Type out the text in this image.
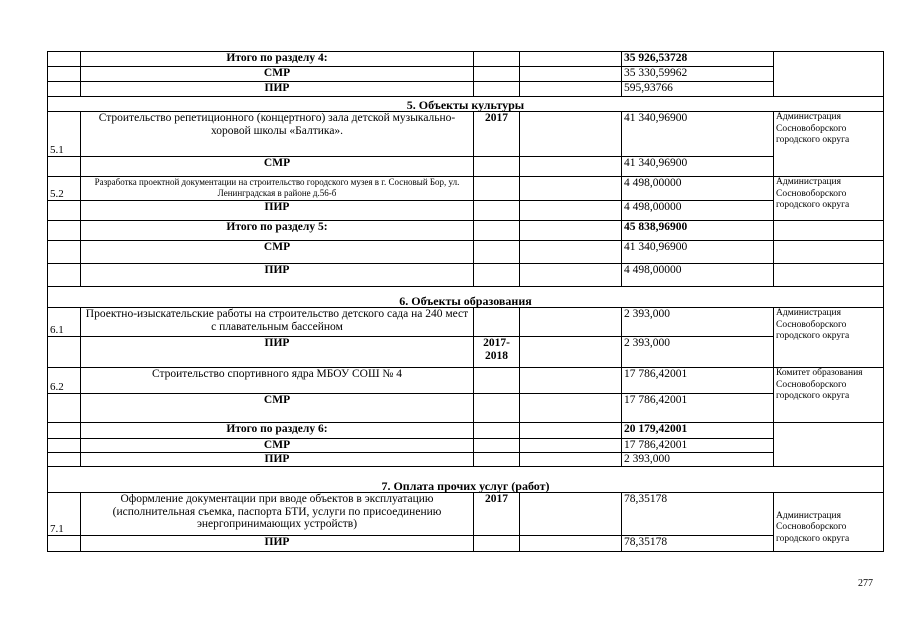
	Итого по разделу 4:			35 926,53728	
	СМР			35 330,59962	
	ПИР			595,93766	
5. Объекты культуры					
5.1	Строительство репетиционного (концертного) зала детской музыкально-хоровой школы «Балтика».	2017		41 340,96900	Администрация Сосновоборского городского округа
	СМР			41 340,96900	
5.2	Разработка проектной документации на строительство городского музея в г. Сосновый Бор, ул. Ленинградская в районе д.56-б			4 498,00000	Администрация Сосновоборского городского округа
	ПИР			4 498,00000	
	Итого по разделу 5:			45 838,96900	
	СМР			41 340,96900	
	ПИР			4 498,00000	
6. Объекты образования					
6.1	Проектно-изыскательские работы на строительство детского сада на 240 мест с плавательным бассейном			2 393,000	Администрация Сосновоборского городского округа
	ПИР	2017-2018		2 393,000	
6.2	Строительство спортивного ядра МБОУ СОШ № 4			17 786,42001	Комитет образования Сосновоборского городского округа
	СМР			17 786,42001	
	Итого по разделу 6:			20 179,42001	
	СМР			17 786,42001	
	ПИР			2 393,000	
7. Оплата прочих услуг (работ)					
7.1	Оформление документации при вводе объектов в эксплуатацию (исполнительная съемка, паспорта БТИ, услуги по присоединению энергопринимающих устройств)	2017		78,35178	Администрация Сосновоборского городского округа
	ПИР			78,35178	
277
